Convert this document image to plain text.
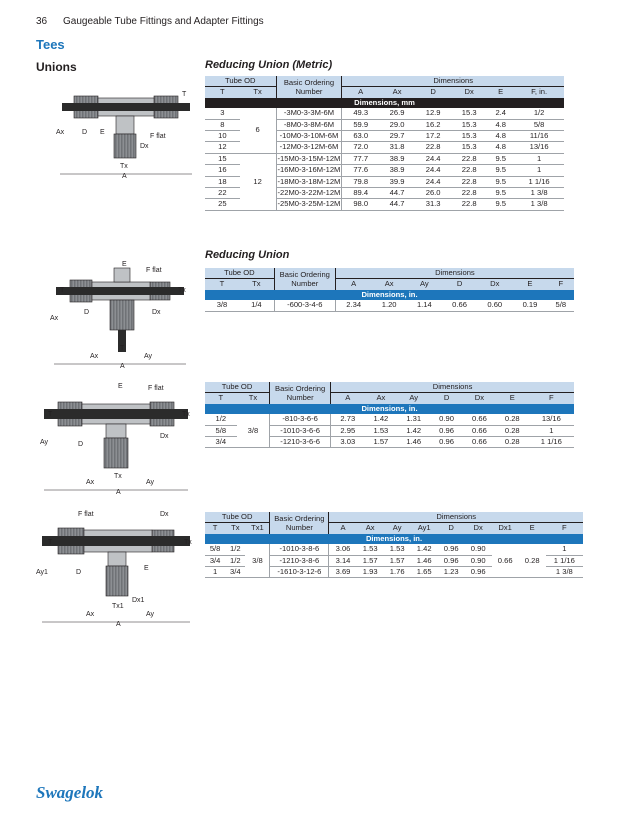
36 Gaugeable Tube Fittings and Adapter Fittings
Tees
Unions
A
Ax	D E
Dx
F flat
Tx
T
A
Ax	Ay
Ax
D	Dx
E
F flat
T	Tx
T
A
Ax	Ay
Ay	D
Dx
E	F flat
T	Tx
Tx
A
Ax	Ay
Ay1	D
Dx
Dx1
E
F flat
T	Tx
Tx1
Reducing Union (Metric)
Tube OD		Basic Ordering Number	Dimensions					
T	Tx		A	Ax	D	Dx	E	F, in.
Dimensions, mm								
3	6	-3M0-3-3M-6M	49.3	26.9	12.9	15.3	2.4	1/2
8		-8M0-3-8M-6M	59.9	29.0	16.2	15.3	4.8	5/8
10		-10M0-3-10M-6M	63.0	29.7	17.2	15.3	4.8	11/16
12		-12M0-3-12M-6M	72.0	31.8	22.8	15.3	4.8	13/16
15	12	-15M0-3-15M-12M	77.7	38.9	24.4	22.8	9.5	1
16		-16M0-3-16M-12M	77.6	38.9	24.4	22.8	9.5	1
18		-18M0-3-18M-12M	79.8	39.9	24.4	22.8	9.5	1 1/16
22		-22M0-3-22M-12M	89.4	44.7	26.0	22.8	9.5	1 3/8
25		-25M0-3-25M-12M	98.0	44.7	31.3	22.8	9.5	1 3/8
Reducing Union
Tube OD		Basic Ordering Number	Dimensions						
T	Tx		A	Ax	Ay	D	Dx	E	F
Dimensions, in.									
3/8	1/4	-600-3-4-6	2.34	1.20	1.14	0.66	0.60	0.19	5/8
Tube OD		Basic Ordering Number	Dimensions						
T	Tx		A	Ax	Ay	D	Dx	E	F
Dimensions, in.									
1/2	3/8	-810-3-6-6	2.73	1.42	1.31	0.90	0.66	0.28	13/16
5/8		-1010-3-6-6	2.95	1.53	1.42	0.96	0.66	0.28	1
3/4		-1210-3-6-6	3.03	1.57	1.46	0.96	0.66	0.28	1 1/16
Tube OD			Basic Ordering Number	Dimensions								
T	Tx	Tx1		A	Ax	Ay	Ay1	D	Dx	Dx1	E	F
Dimensions, in.												
5/8	1/2	3/8	-1010-3-8-6	3.06	1.53	1.53	1.42	0.96	0.90	0.66	0.28	1
3/4	1/2		-1210-3-8-6	3.14	1.57	1.57	1.46	0.96	0.90			1 1/16
1	3/4		-1610-3-12-6	3.69	1.93	1.76	1.65	1.23	0.96			1 3/8
Swagelok
